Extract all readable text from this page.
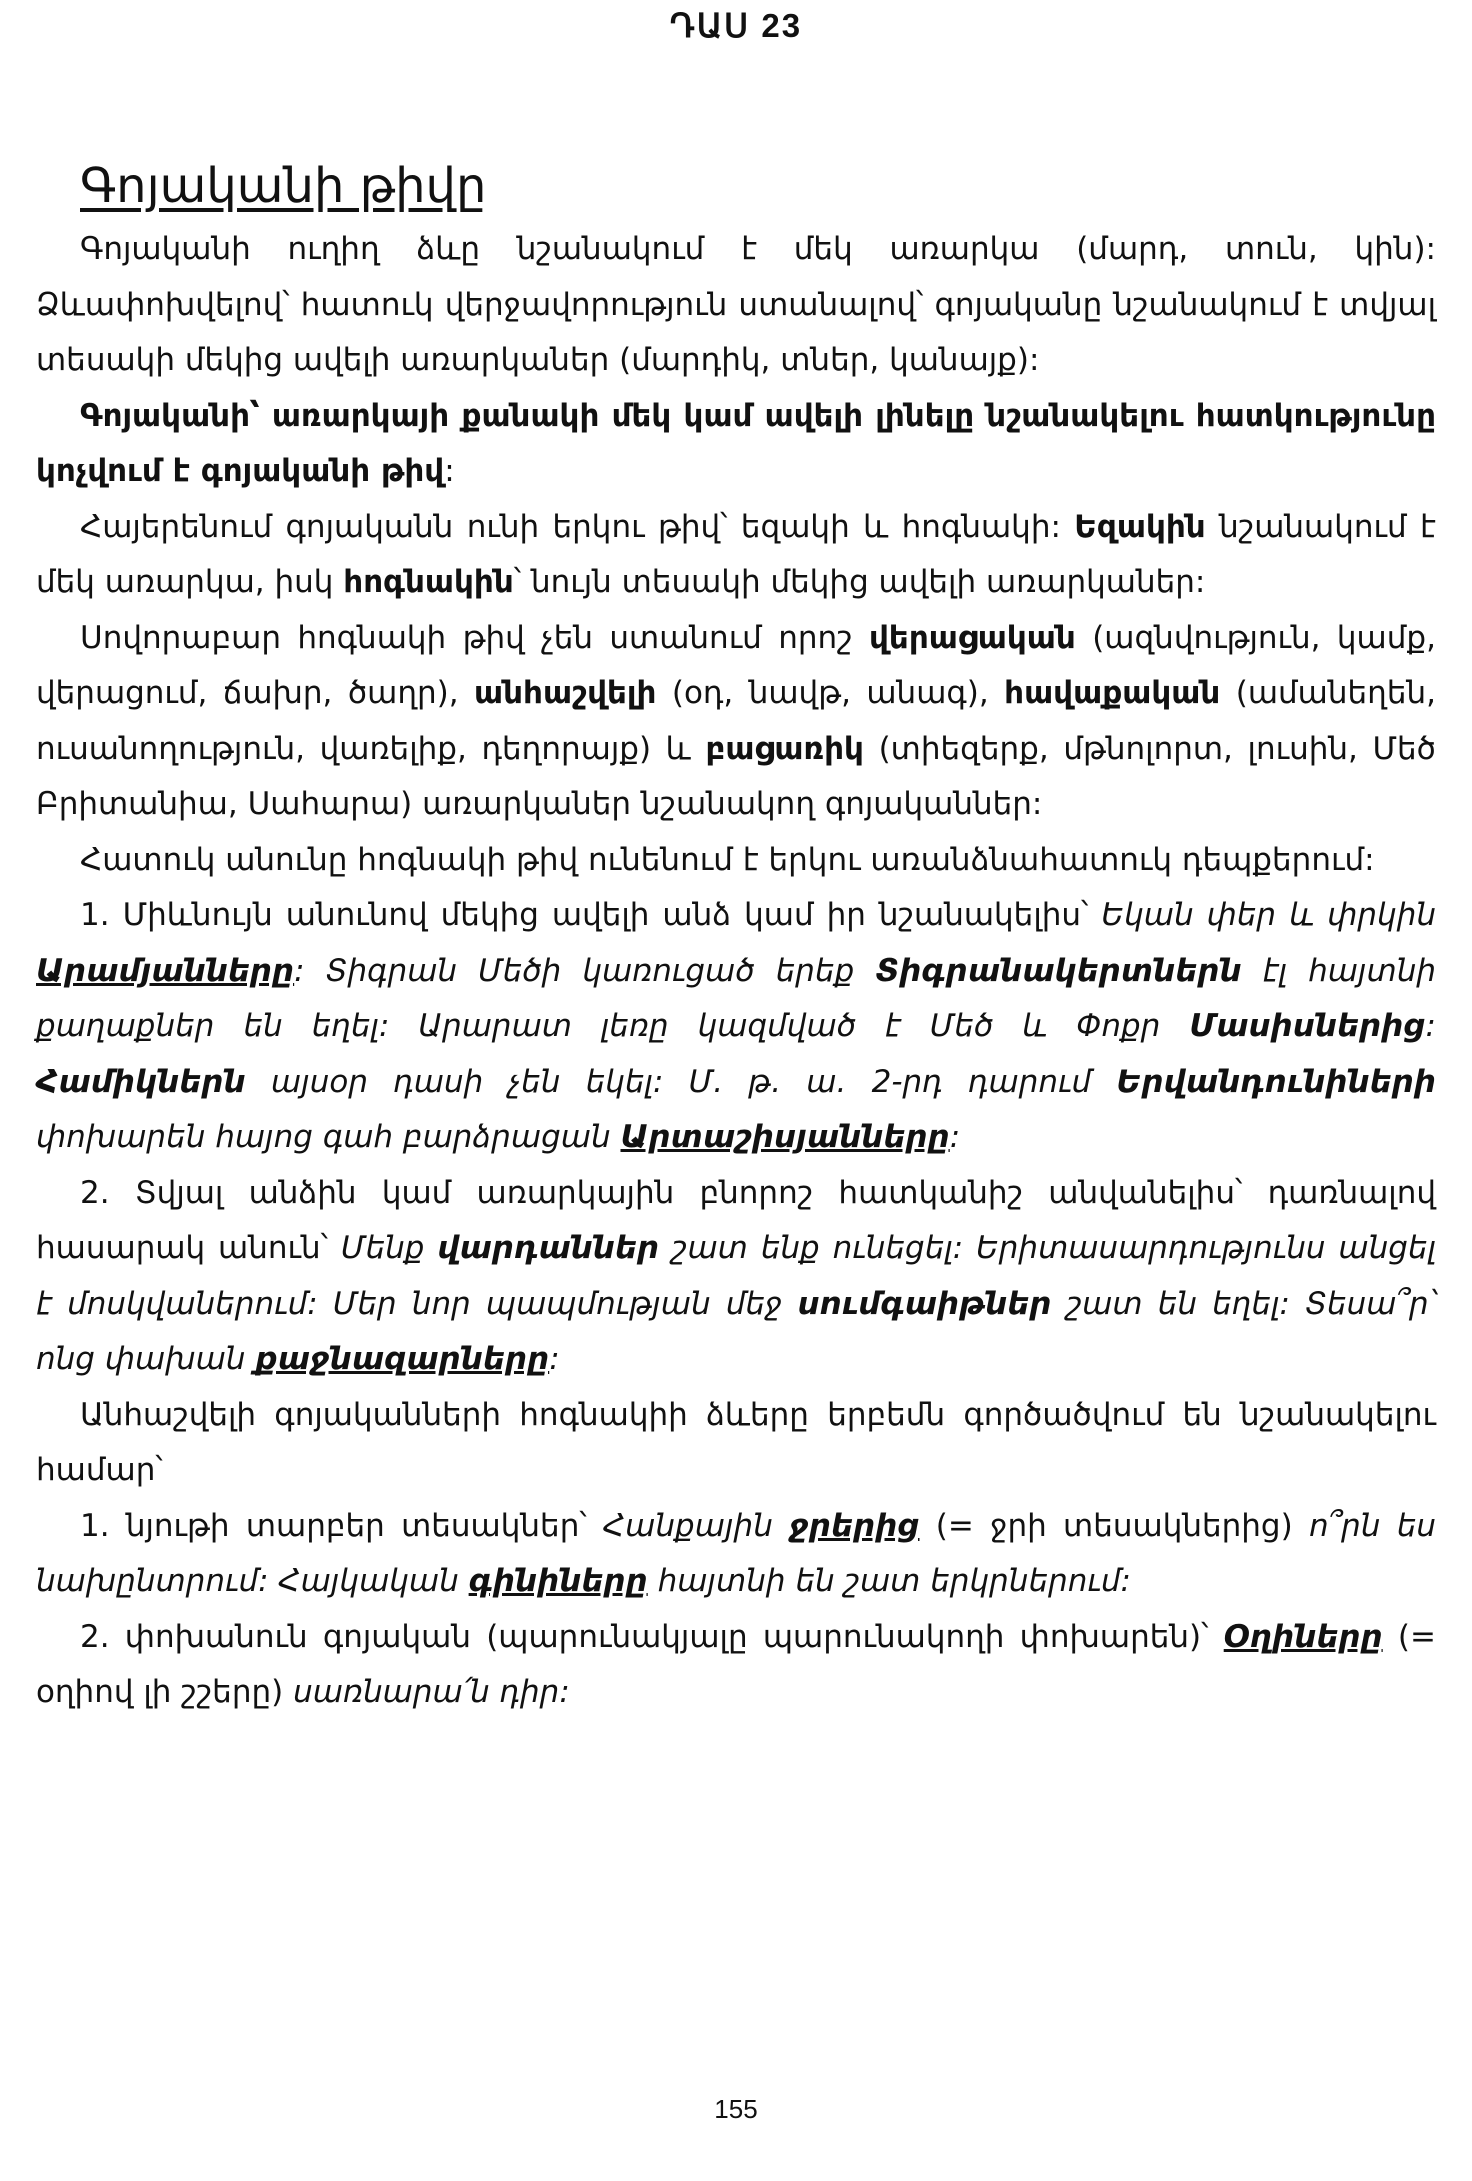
ԴԱՍ 23
Գոյականի թիվը

Գոյականի ուղիղ ձևը նշանակում է մեկ առարկա (մարդ, տուն, կին): Ձևափոխվելով՝ հատուկ վերջավորություն ստանալով՝ գոյականը նշանակում է տվյալ տեսակի մեկից ավելի առարկաներ (մարդիկ, տներ, կանայք):

Գոյականի՝ առարկայի քանակի մեկ կամ ավելի լինելը նշանակելու հատկությունը կոչվում է գոյականի թիվ:

Հայերենում գոյականն ունի երկու թիվ՝ եզակի և հոգնակի: Եզակին նշանակում է մեկ առարկա, իսկ հոգնակին՝ նույն տեսակի մեկից ավելի առարկաներ:

Սովորաբար հոգնակի թիվ չեն ստանում որոշ վերացական (ազնվություն, կամք, վերացում, ճախր, ծաղր), անհաշվելի (օդ, նավթ, անագ), հավաքական (ամանեղեն, ուսանողություն, վառելիք, դեղորայք) և բացառիկ (տիեզերք, մթնոլորտ, լուսին, Մեծ Բրիտանիա, Սահարա) առարկաներ նշանակող գոյականներ:

Հատուկ անունը հոգնակի թիվ ունենում է երկու առանձնահատուկ դեպքերում:

1. Միևնույն անունով մեկից ավելի անձ կամ իր նշանակելիս՝ Եկան փեր և փրկին Արամյանները: Տիգրան Մեծի կառուցած երեք Տիգրանակերտներն էլ հայտնի քաղաքներ են եղել: Արարատ լեռը կազմված է Մեծ և Փոքր Մասիսներից: Համիկներն այսօր դասի չեն եկել: Մ. թ. ա. 2-րդ դարում Երվանդունիների փոխարեն հայոց գահ բարձրացան Արտաշիսյանները:

2. Տվյալ անձին կամ առարկային բնորոշ հատկանիշ անվանելիս՝ դառնալով հասարակ անուն՝ Մենք վարդաններ շատ ենք ունեցել: Երիտասարդությունս անցել է մոսկվաներում: Մեր նոր պապմության մեջ սումգաիթներ շատ են եղել: Տեսա՞ր՝ ոնց փախան քաջնազարները:

Անհաշվելի գոյականների հոգնակիի ձևերը երբեմն գործածվում են նշանակելու համար՝

1. նյութի տարբեր տեսակներ՝ Հանքային ջրերից (= ջրի տեսակներից) ո՞րն ես նախընտրում: Հայկական գինիները հայտնի են շատ երկրներում:

2. փոխանուն գոյական (պարունակյալը պարունակողի փոխարեն)՝ Օղիները (= օղիով լի շշերը) սառնարա՛ն դիր:

155
